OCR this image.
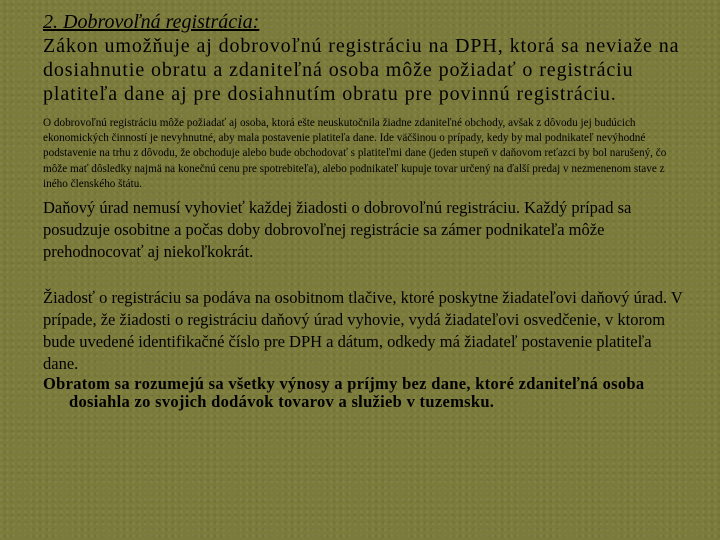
2. Dobrovoľná registrácia:

Zákon umožňuje aj dobrovoľnú registráciu na DPH, ktorá sa neviaže na dosiahnutie obratu a zdaniteľná osoba môže požiadať o registráciu platiteľa dane aj pre dosiahnutím obratu pre povinnú registráciu.

O dobrovoľnú registráciu môže požiadať aj osoba, ktorá ešte neuskutočnila žiadne zdaniteľné obchody, avšak z dôvodu jej budúcich ekonomických činností je nevyhnutné, aby mala postavenie platiteľa dane. Ide väčšinou o prípady, kedy by mal podnikateľ nevýhodné podstavenie na trhu z dôvodu, že obchoduje alebo bude obchodovať s platiteľmi dane (jeden stupeň v daňovom reťazci by bol narušený, čo môže mať dôsledky najmä na konečnú cenu pre spotrebiteľa), alebo podnikateľ kupuje tovar určený na ďalší predaj v nezmenenom stave z iného členského štátu.

Daňový úrad nemusí vyhovieť každej žiadosti o dobrovoľnú registráciu. Každý prípad sa posudzuje osobitne a počas doby dobrovoľnej registrácie sa zámer podnikateľa môže prehodnocovať aj niekoľkokrát.

Žiadosť o registráciu sa podáva na osobitnom tlačive, ktoré poskytne žiadateľovi daňový úrad. V prípade, že žiadosti o registráciu daňový úrad vyhovie, vydá žiadateľovi osvedčenie, v ktorom bude uvedené identifikačné číslo pre DPH a dátum, odkedy má žiadateľ postavenie platiteľa dane.

Obratom sa rozumejú sa všetky výnosy a príjmy bez dane, ktoré zdaniteľná osoba dosiahla zo svojich dodávok tovarov a služieb v tuzemsku.
